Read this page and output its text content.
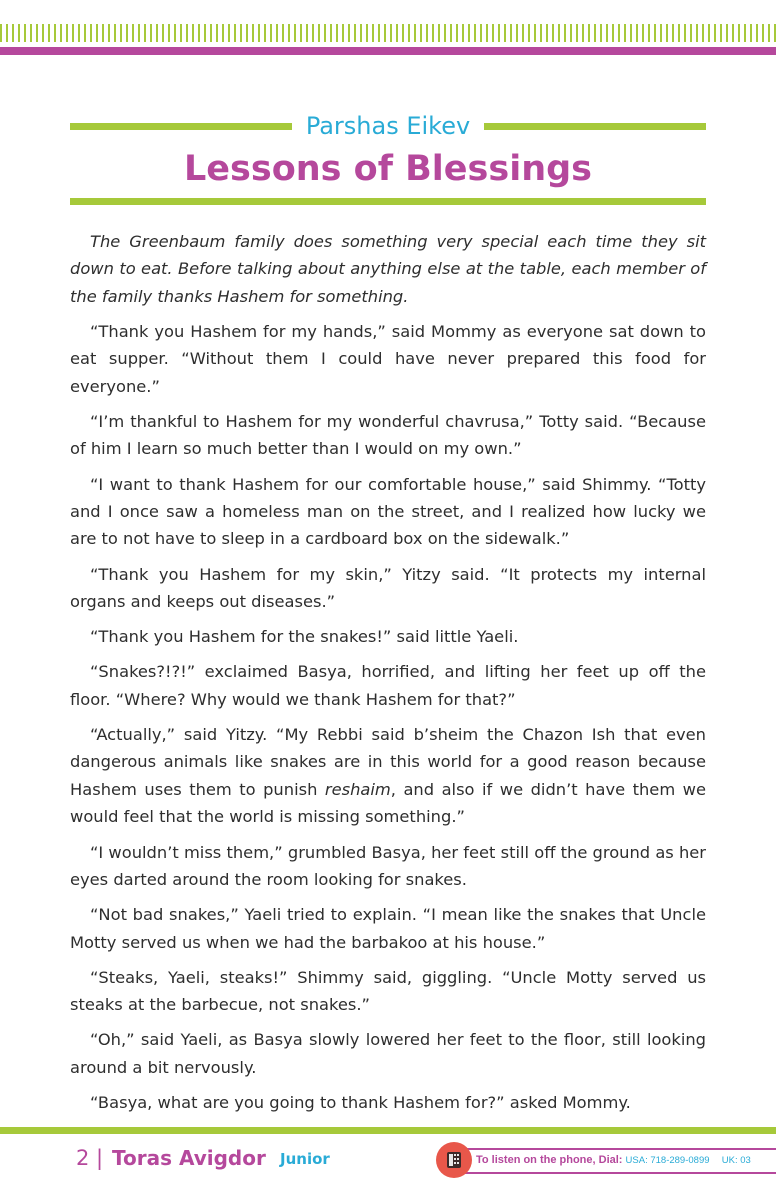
Parshas Eikev
Lessons of Blessings

The Greenbaum family does something very special each time they sit down to eat. Before talking about anything else at the table, each member of the family thanks Hashem for something.

“Thank you Hashem for my hands,” said Mommy as everyone sat down to eat supper. “Without them I could have never prepared this food for everyone.”

“I’m thankful to Hashem for my wonderful chavrusa,” Totty said. “Because of him I learn so much better than I would on my own.”

“I want to thank Hashem for our comfortable house,” said Shimmy. “Totty and I once saw a homeless man on the street, and I realized how lucky we are to not have to sleep in a cardboard box on the sidewalk.”

“Thank you Hashem for my skin,” Yitzy said. “It protects my internal organs and keeps out diseases.”

“Thank you Hashem for the snakes!” said little Yaeli.

“Snakes?!?!” exclaimed Basya, horrified, and lifting her feet up off the floor. “Where? Why would we thank Hashem for that?”

“Actually,” said Yitzy. “My Rebbi said b’sheim the Chazon Ish that even dangerous animals like snakes are in this world for a good reason because Hashem uses them to punish reshaim, and also if we didn’t have them we would feel that the world is missing something.”

“I wouldn’t miss them,” grumbled Basya, her feet still off the ground as her eyes darted around the room looking for snakes.

“Not bad snakes,” Yaeli tried to explain. “I mean like the snakes that Uncle Motty served us when we had the barbakoo at his house.”

“Steaks, Yaeli, steaks!” Shimmy said, giggling. “Uncle Motty served us steaks at the barbecue, not snakes.”

“Oh,” said Yaeli, as Basya slowly lowered her feet to the floor, still looking around a bit nervously.

“Basya, what are you going to thank Hashem for?” asked Mommy.

2 | Toras Avigdor Junior	To listen on the phone, Dial: USA: 718-289-0899 UK: 03
